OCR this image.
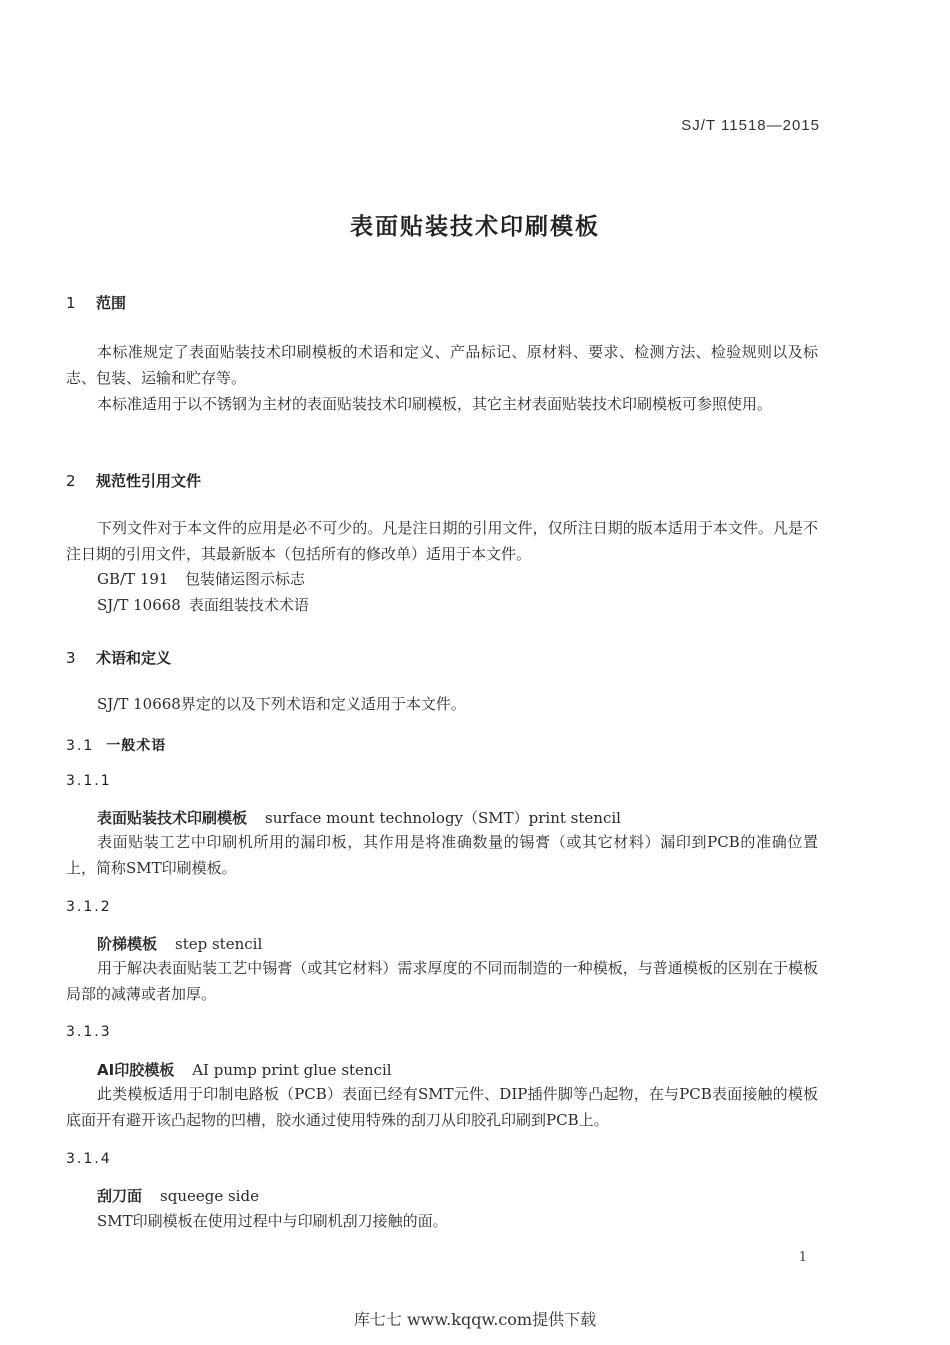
SJ/T 11518—2015
表面贴装技术印刷模板
1 范围
本标准规定了表面贴装技术印刷模板的术语和定义、产品标记、原材料、要求、检测方法、检验规则以及标志、包装、运输和贮存等。
本标准适用于以不锈钢为主材的表面贴装技术印刷模板，其它主材表面贴装技术印刷模板可参照使用。
2 规范性引用文件
下列文件对于本文件的应用是必不可少的。凡是注日期的引用文件，仅所注日期的版本适用于本文件。凡是不注日期的引用文件，其最新版本（包括所有的修改单）适用于本文件。
GB/T 191 包装储运图示标志
SJ/T 10668 表面组装技术术语
3 术语和定义
SJ/T 10668界定的以及下列术语和定义适用于本文件。
3.1 一般术语
3.1.1
表面贴装技术印刷模板 surface mount technology（SMT）print stencil
表面贴装工艺中印刷机所用的漏印板，其作用是将准确数量的锡膏（或其它材料）漏印到PCB的准确位置上，简称SMT印刷模板。
3.1.2
阶梯模板 step stencil
用于解决表面贴装工艺中锡膏（或其它材料）需求厚度的不同而制造的一种模板，与普通模板的区别在于模板局部的减薄或者加厚。
3.1.3
AI印胶模板 AI pump print glue stencil
此类模板适用于印制电路板（PCB）表面已经有SMT元件、DIP插件脚等凸起物，在与PCB表面接触的模板底面开有避开该凸起物的凹槽，胶水通过使用特殊的刮刀从印胶孔印刷到PCB上。
3.1.4
刮刀面 squeege side
SMT印刷模板在使用过程中与印刷机刮刀接触的面。
1
库七七 www.kqqw.com提供下载
